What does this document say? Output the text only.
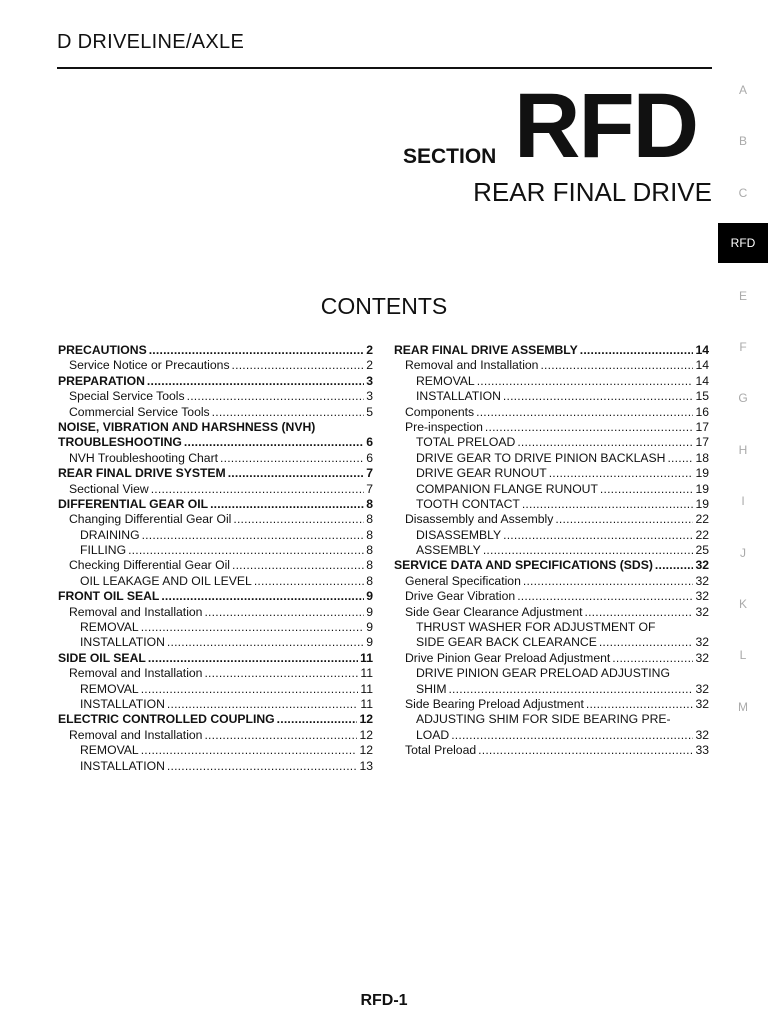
D DRIVELINE/AXLE
SECTION RFD
REAR FINAL DRIVE
CONTENTS
PRECAUTIONS .....	2
Service Notice or Precautions .....	2
PREPARATION .....	3
Special Service Tools .....	3
Commercial Service Tools .....	5
NOISE, VIBRATION AND HARSHNESS (NVH)
TROUBLESHOOTING .....	6
NVH Troubleshooting Chart .....	6
REAR FINAL DRIVE SYSTEM .....	7
Sectional View .....	7
DIFFERENTIAL GEAR OIL .....	8
Changing Differential Gear Oil .....	8
DRAINING .....	8
FILLING .....	8
Checking Differential Gear Oil .....	8
OIL LEAKAGE AND OIL LEVEL .....	8
FRONT OIL SEAL .....	9
Removal and Installation .....	9
REMOVAL .....	9
INSTALLATION .....	9
SIDE OIL SEAL .....	11
Removal and Installation .....	11
REMOVAL .....	11
INSTALLATION .....	11
ELECTRIC CONTROLLED COUPLING .....	12
Removal and Installation .....	12
REMOVAL .....	12
INSTALLATION .....	13
REAR FINAL DRIVE ASSEMBLY .....	14
Removal and Installation .....	14
REMOVAL .....	14
INSTALLATION .....	15
Components .....	16
Pre-inspection .....	17
TOTAL PRELOAD .....	17
DRIVE GEAR TO DRIVE PINION BACKLASH ..... 18
DRIVE GEAR RUNOUT .....	19
COMPANION FLANGE RUNOUT .....	19
TOOTH CONTACT .....	19
Disassembly and Assembly .....	22
DISASSEMBLY .....	22
ASSEMBLY .....	25
SERVICE DATA AND SPECIFICATIONS (SDS) .....	32
General Specification .....	32
Drive Gear Vibration .....	32
Side Gear Clearance Adjustment .....	32
THRUST WASHER FOR ADJUSTMENT OF
SIDE GEAR BACK CLEARANCE .....	32
Drive Pinion Gear Preload Adjustment .....	32
DRIVE PINION GEAR PRELOAD ADJUSTING
SHIM .....	32
Side Bearing Preload Adjustment .....	32
ADJUSTING SHIM FOR SIDE BEARING PRE-
LOAD .....	32
Total Preload .....	33
A
B
C
RFD
E
F
G
H
I
J
K
L
M
RFD-1
